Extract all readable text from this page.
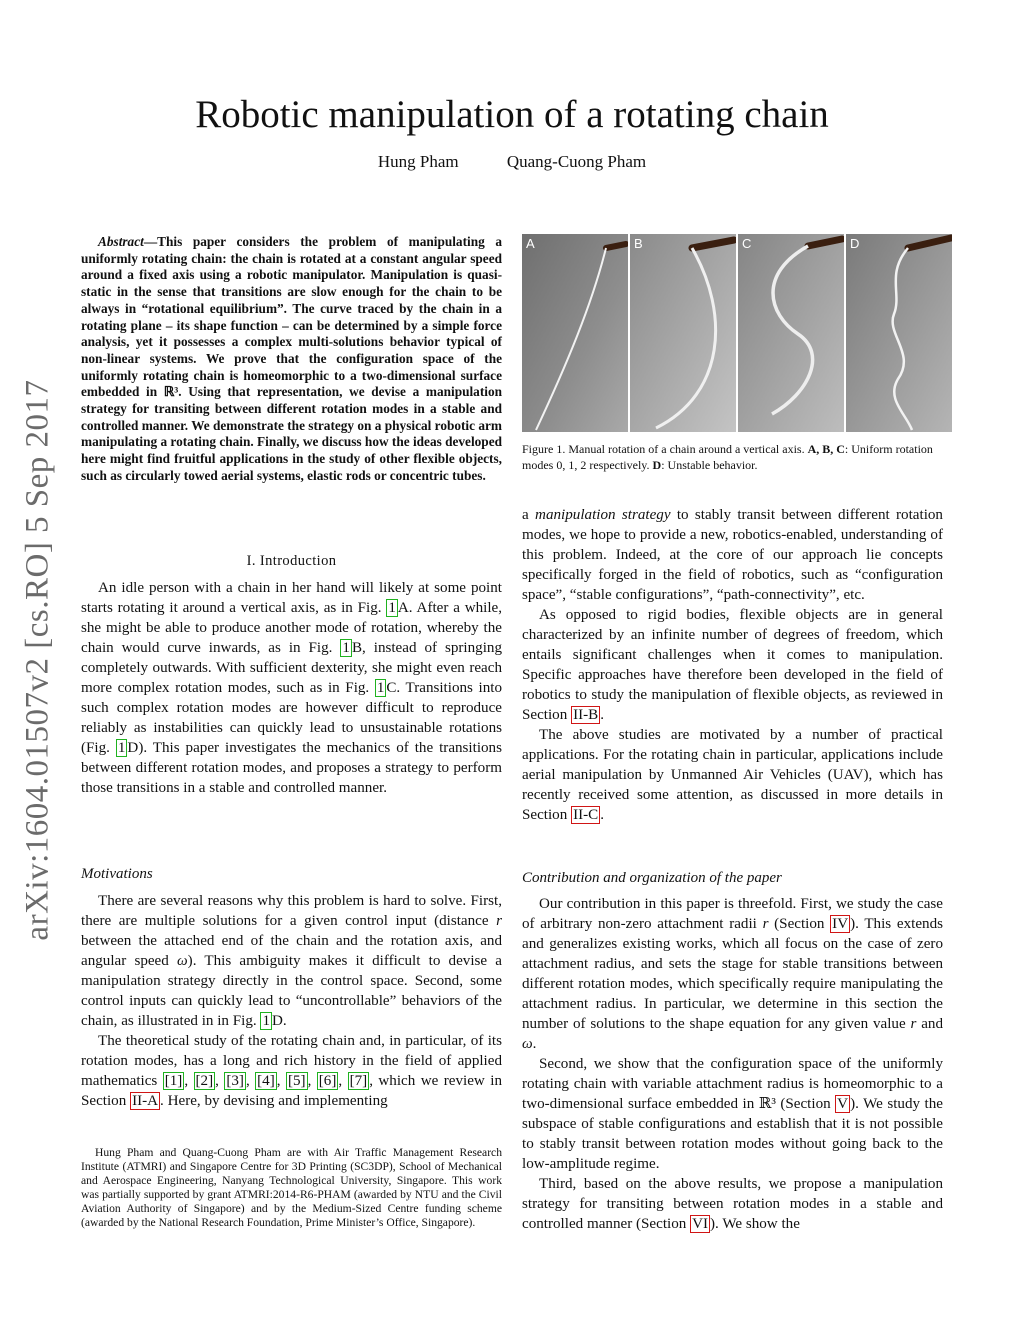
arXiv:1604.01507v2 [cs.RO] 5 Sep 2017
Robotic manipulation of a rotating chain
Hung Pham	Quang-Cuong Pham

Abstract—This paper considers the problem of manipulating a uniformly rotating chain: the chain is rotated at a constant angular speed around a fixed axis using a robotic manipulator. Manipulation is quasi-static in the sense that transitions are slow enough for the chain to be always in “rotational equilibrium”. The curve traced by the chain in a rotating plane – its shape function – can be determined by a simple force analysis, yet it possesses a complex multi-solutions behavior typical of non-linear systems. We prove that the configuration space of the uniformly rotating chain is homeomorphic to a two-dimensional surface embedded in ℝ³. Using that representation, we devise a manipulation strategy for transiting between different rotation modes in a stable and controlled manner. We demonstrate the strategy on a physical robotic arm manipulating a rotating chain. Finally, we discuss how the ideas developed here might find fruitful applications in the study of other flexible objects, such as circularly towed aerial systems, elastic rods or concentric tubes.

I. Introduction

An idle person with a chain in her hand will likely at some point starts rotating it around a vertical axis, as in Fig. 1 A. After a while, she might be able to produce another mode of rotation, whereby the chain would curve inwards, as in Fig. 1 B, instead of springing completely outwards. With sufficient dexterity, she might even reach more complex rotation modes, such as in Fig. 1 C. Transitions into such complex rotation modes are however difficult to reproduce reliably as instabilities can quickly lead to unsustainable rotations (Fig. 1 D). This paper investigates the mechanics of the transitions between different rotation modes, and proposes a strategy to perform those transitions in a stable and controlled manner.

Motivations

There are several reasons why this problem is hard to solve. First, there are multiple solutions for a given control input (distance r between the attached end of the chain and the rotation axis, and angular speed ω). This ambiguity makes it difficult to devise a manipulation strategy directly in the control space. Second, some control inputs can quickly lead to “uncontrollable” behaviors of the chain, as illustrated in in Fig. 1 D.

The theoretical study of the rotating chain and, in particular, of its rotation modes, has a long and rich history in the field of applied mathematics [1] , [2] , [3] , [4] , [5] , [6] , [7] , which we review in Section II-A . Here, by devising and implementing

Hung Pham and Quang-Cuong Pham are with Air Traffic Management Research Institute (ATMRI) and Singapore Centre for 3D Printing (SC3DP), School of Mechanical and Aerospace Engineering, Nanyang Technological University, Singapore. This work was partially supported by grant ATMRI:2014-R6-PHAM (awarded by NTU and the Civil Aviation Authority of Singapore) and by the Medium-Sized Centre funding scheme (awarded by the National Research Foundation, Prime Minister’s Office, Singapore).

A	B	C	D
Figure 1. Manual rotation of a chain around a vertical axis. A, B, C: Uniform rotation modes 0, 1, 2 respectively. D: Unstable behavior.

a manipulation strategy to stably transit between different rotation modes, we hope to provide a new, robotics-enabled, understanding of this problem. Indeed, at the core of our approach lie concepts specifically forged in the field of robotics, such as “configuration space”, “stable configurations”, “path-connectivity”, etc.

As opposed to rigid bodies, flexible objects are in general characterized by an infinite number of degrees of freedom, which entails significant challenges when it comes to manipulation. Specific approaches have therefore been developed in the field of robotics to study the manipulation of flexible objects, as reviewed in Section II-B .

The above studies are motivated by a number of practical applications. For the rotating chain in particular, applications include aerial manipulation by Unmanned Air Vehicles (UAV), which has recently received some attention, as discussed in more details in Section II-C .

Contribution and organization of the paper

Our contribution in this paper is threefold. First, we study the case of arbitrary non-zero attachment radii r (Section IV ). This extends and generalizes existing works, which all focus on the case of zero attachment radius, and sets the stage for stable transitions between different rotation modes, which specifically require manipulating the attachment radius. In particular, we determine in this section the number of solutions to the shape equation for any given value r and ω.

Second, we show that the configuration space of the uniformly rotating chain with variable attachment radius is homeomorphic to a two-dimensional surface embedded in ℝ³ (Section V ). We study the subspace of stable configurations and establish that it is not possible to stably transit between rotation modes without going back to the low-amplitude regime.

Third, based on the above results, we propose a manipulation strategy for transiting between rotation modes in a stable and controlled manner (Section VI ). We show the
